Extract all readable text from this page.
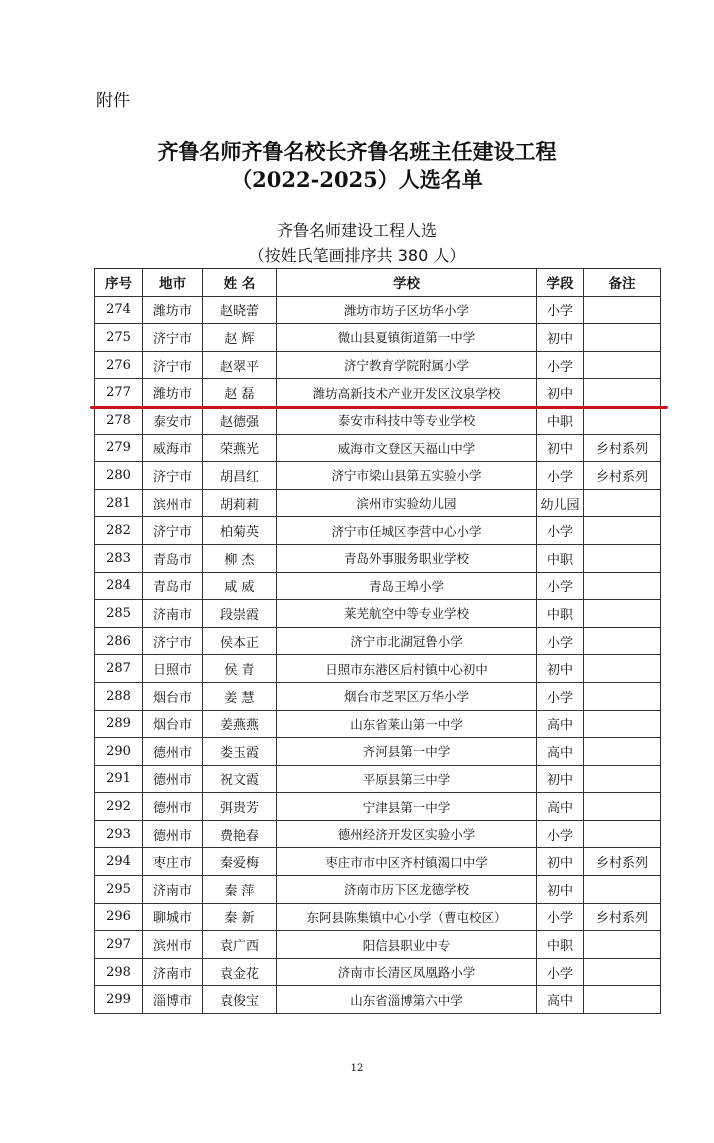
附件
齐鲁名师齐鲁名校长齐鲁名班主任建设工程
（2022-2025）人选名单
齐鲁名师建设工程人选
（按姓氏笔画排序共 380 人）
序号	地市	姓 名	学校	学段	备注
274	潍坊市	赵晓蕾	潍坊市坊子区坊华小学	小学	
275	济宁市	赵 辉	微山县夏镇街道第一中学	初中	
276	济宁市	赵翠平	济宁教育学院附属小学	小学	
277	潍坊市	赵 磊	潍坊高新技术产业开发区汶泉学校	初中	
278	泰安市	赵德强	泰安市科技中等专业学校	中职	
279	威海市	荣燕光	威海市文登区天福山中学	初中	乡村系列
280	济宁市	胡昌红	济宁市梁山县第五实验小学	小学	乡村系列
281	滨州市	胡莉莉	滨州市实验幼儿园	幼儿园	
282	济宁市	柏菊英	济宁市任城区李营中心小学	小学	
283	青岛市	柳 杰	青岛外事服务职业学校	中职	
284	青岛市	咸 威	青岛王埠小学	小学	
285	济南市	段崇霞	莱芜航空中等专业学校	中职	
286	济宁市	侯本正	济宁市北湖冠鲁小学	小学	
287	日照市	侯 青	日照市东港区后村镇中心初中	初中	
288	烟台市	姜 慧	烟台市芝罘区万华小学	小学	
289	烟台市	姜燕燕	山东省莱山第一中学	高中	
290	德州市	娄玉霞	齐河县第一中学	高中	
291	德州市	祝文霞	平原县第三中学	初中	
292	德州市	弭贵芳	宁津县第一中学	高中	
293	德州市	费艳春	德州经济开发区实验小学	小学	
294	枣庄市	秦爱梅	枣庄市市中区齐村镇渴口中学	初中	乡村系列
295	济南市	秦 萍	济南市历下区龙德学校	初中	
296	聊城市	秦 新	东阿县陈集镇中心小学（曹屯校区）	小学	乡村系列
297	滨州市	袁广西	阳信县职业中专	中职	
298	济南市	袁金花	济南市长清区凤凰路小学	小学	
299	淄博市	袁俊宝	山东省淄博第六中学	高中	
12
